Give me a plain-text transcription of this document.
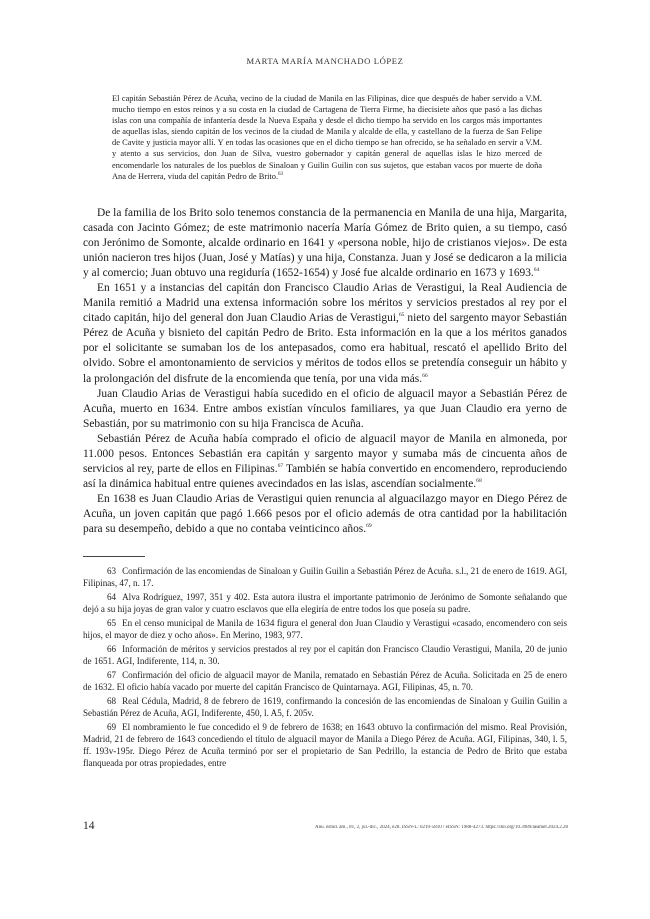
MARTA MARÍA MANCHADO LÓPEZ
El capitán Sebastián Pérez de Acuña, vecino de la ciudad de Manila en las Filipinas, dice que después de haber servido a V.M. mucho tiempo en estos reinos y a su costa en la ciudad de Cartagena de Tierra Firme, ha diecisiete años que pasó a las dichas islas con una compañía de infantería desde la Nueva España y desde el dicho tiempo ha servido en los cargos más importantes de aquellas islas, siendo capitán de los vecinos de la ciudad de Manila y alcalde de ella, y castellano de la fuerza de San Felipe de Cavite y justicia mayor allí. Y en todas las ocasiones que en el dicho tiempo se han ofrecido, se ha señalado en servir a V.M. y atento a sus servicios, don Juan de Silva, vuestro gobernador y capitán general de aquellas islas le hizo merced de encomendarle los naturales de los pueblos de Sinaloan y Guilin Guilin con sus sujetos, que estaban vacos por muerte de doña Ana de Herrera, viuda del capitán Pedro de Brito.$^{63}$

De la familia de los Brito solo tenemos constancia de la permanencia en Manila de una hija, Margarita, casada con Jacinto Gómez; de este matrimonio nacería María Gómez de Brito quien, a su tiempo, casó con Jerónimo de Somonte, alcalde ordinario en 1641 y «persona noble, hijo de cristianos viejos». De esta unión nacieron tres hijos (Juan, José y Matías) y una hija, Constanza. Juan y José se dedicaron a la milicia y al comercio; Juan obtuvo una regiduría (1652-1654) y José fue alcalde ordinario en 1673 y 1693.64

En 1651 y a instancias del capitán don Francisco Claudio Arias de Verastigui, la Real Audiencia de Manila remitió a Madrid una extensa información sobre los méritos y servicios prestados al rey por el citado capitán, hijo del general don Juan Claudio Arias de Verastigui,$^{65}$ nieto del sargento mayor Sebastián Pérez de Acuña y bisnieto del capitán Pedro de Brito. Esta información en la que a los méritos ganados por el solicitante se sumaban los de los antepasados, como era habitual, rescató el apellido Brito del olvido. Sobre el amontonamiento de servicios y méritos de todos ellos se pretendía conseguir un hábito y la prolongación del disfrute de la encomienda que tenía, por una vida más.$^{66}$

Juan Claudio Arias de Verastigui había sucedido en el oficio de alguacil mayor a Sebastián Pérez de Acuña, muerto en 1634. Entre ambos existían vínculos familiares, ya que Juan Claudio era yerno de Sebastián, por su matrimonio con su hija Francisca de Acuña.

Sebastián Pérez de Acuña había comprado el oficio de alguacil mayor de Manila en almoneda, por 11.000 pesos. Entonces Sebastián era capitán y sargento mayor y sumaba más de cincuenta años de servicios al rey, parte de ellos en Filipinas.$^{67}$ También se había convertido en encomendero, reproduciendo así la dinámica habitual entre quienes avecindados en las islas, ascendían socialmente.$^{68}$

En 1638 es Juan Claudio Arias de Verastigui quien renuncia al alguacilazgo mayor en Diego Pérez de Acuña, un joven capitán que pagó 1.666 pesos por el oficio además de otra cantidad por la habilitación para su desempeño, debido a que no contaba veinticinco años.$^{69}$

63 Confirmación de las encomiendas de Sinaloan y Guilin Guilin a Sebastián Pérez de Acuña. s.l., 21 de enero de 1619. AGI, Filipinas, 47, n. 17.

64 Alva Rodríguez, 1997, 351 y 402. Esta autora ilustra el importante patrimonio de Jerónimo de Somonte señalando que dejó a su hija joyas de gran valor y cuatro esclavos que ella elegiría de entre todos los que poseía su padre.

65 En el censo municipal de Manila de 1634 figura el general don Juan Claudio y Verastigui «casado, encomendero con seis hijos, el mayor de diez y ocho años». En Merino, 1983, 977.

66 Información de méritos y servicios prestados al rey por el capitán don Francisco Claudio Verastigui, Manila, 20 de junio de 1651. AGI, Indiferente, 114, n. 30.

67 Confirmación del oficio de alguacil mayor de Manila, rematado en Sebastián Pérez de Acuña. Solicitada en 25 de enero de 1632. El oficio había vacado por muerte del capitán Francisco de Quintarnaya. AGI, Filipinas, 45, n. 70.

68 Real Cédula, Madrid, 8 de febrero de 1619, confirmando la concesión de las encomiendas de Sinaloan y Guilin Guilin a Sebastián Pérez de Acuña, AGI, Indiferente, 450, l. A5, f. 205v.

69 El nombramiento le fue concedido el 9 de febrero de 1638; en 1643 obtuvo la confirmación del mismo. Real Provisión, Madrid, 21 de febrero de 1643 concediendo el título de alguacil mayor de Manila a Diego Pérez de Acuña. AGI, Filipinas, 340, l. 5, ff. 193v-195r. Diego Pérez de Acuña terminó por ser el propietario de San Pedrillo, la estancia de Pedro de Brito que estaba flanqueada por otras propiedades, entre

14	Anu. estud. am., 81, 2, jul.-dic., 2024, e28. ISSN-L: 0210-5810 / eISSN: 1988-4273. https://doi.org/10.3989/aeamer.2024.2.28
